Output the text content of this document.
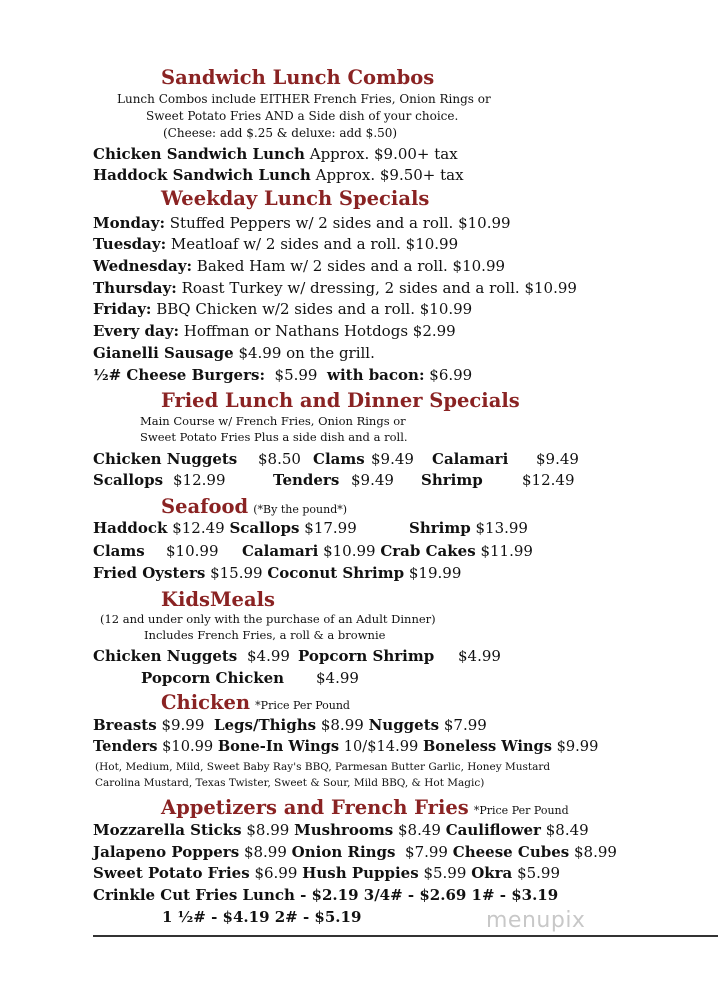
Sandwich Lunch Combos
Lunch Combos include EITHER French Fries, Onion Rings or
Sweet Potato Fries AND a Side dish of your choice.
(Cheese: add $.25 & deluxe: add $.50)
Chicken Sandwich Lunch Approx. $9.00+ tax
Haddock Sandwich Lunch Approx. $9.50+ tax
Weekday Lunch Specials
Monday: Stuffed Peppers w/ 2 sides and a roll. $10.99
Tuesday: Meatloaf w/ 2 sides and a roll. $10.99
Wednesday: Baked Ham w/ 2 sides and a roll. $10.99
Thursday: Roast Turkey w/ dressing, 2 sides and a roll. $10.99
Friday: BBQ Chicken w/2 sides and a roll. $10.99
Every day: Hoffman or Nathans Hotdogs $2.99
Gianelli Sausage $4.99 on the grill.
½# Cheese Burgers: $5.99 with bacon: $6.99
Fried Lunch and Dinner Specials
Main Course w/ French Fries, Onion Rings or
Sweet Potato Fries Plus a side dish and a roll.
Chicken Nuggets $8.50 Clams $9.49 Calamari $9.49
Scallops $12.99	Tenders $9.49 Shrimp	$12.49
Seafood (*By the pound*)
Haddock $12.49 Scallops $17.99	Shrimp $13.99
Clams $10.99 Calamari $10.99 Crab Cakes $11.99
Fried Oysters $15.99 Coconut Shrimp $19.99
KidsMeals
(12 and under only with the purchase of an Adult Dinner)
Includes French Fries, a roll & a brownie
Chicken Nuggets $4.99 Popcorn Shrimp $4.99
Popcorn Chicken $4.99
Chicken *Price Per Pound
Breasts $9.99 Legs/Thighs $8.99 Nuggets $7.99
Tenders $10.99 Bone-In Wings 10/$14.99 Boneless Wings $9.99
(Hot, Medium, Mild, Sweet Baby Ray's BBQ, Parmesan Butter Garlic, Honey Mustard
Carolina Mustard, Texas Twister, Sweet & Sour, Mild BBQ, & Hot Magic)
Appetizers and French Fries *Price Per Pound
Mozzarella Sticks $8.99 Mushrooms $8.49 Cauliflower $8.49
Jalapeno Poppers $8.99 Onion Rings $7.99 Cheese Cubes $8.99
Sweet Potato Fries $6.99 Hush Puppies $5.99 Okra $5.99
Crinkle Cut Fries Lunch - $2.19 3/4# - $2.69 1# - $3.19
1 ½# - $4.19 2# - $5.19	menupix
